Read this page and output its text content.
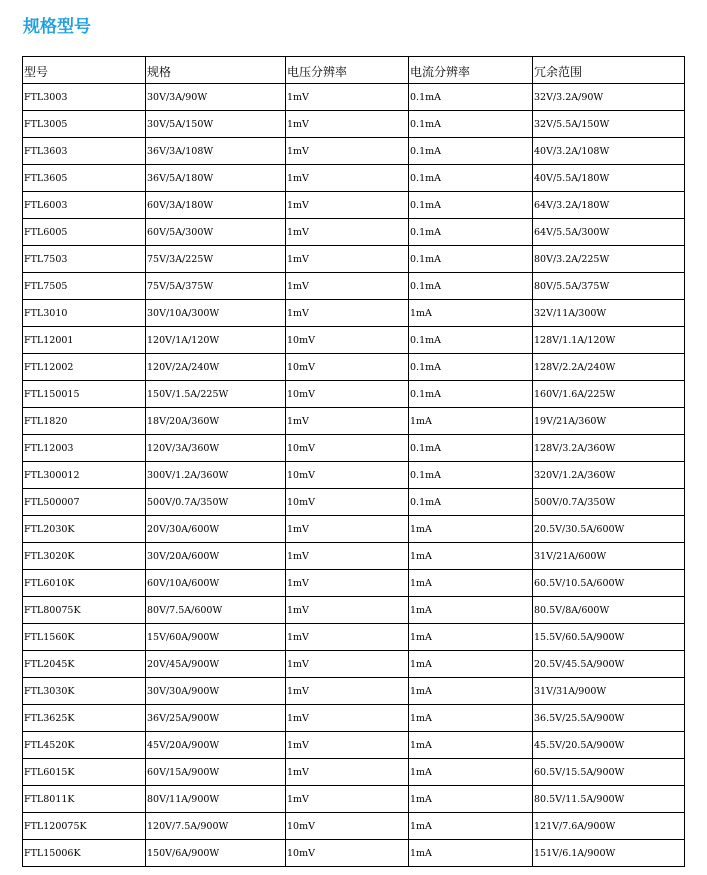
规格型号
型号	规格	电压分辨率	电流分辨率	冗余范围
FTL3003	30V/3A/90W	1mV	0.1mA	32V/3.2A/90W
FTL3005	30V/5A/150W	1mV	0.1mA	32V/5.5A/150W
FTL3603	36V/3A/108W	1mV	0.1mA	40V/3.2A/108W
FTL3605	36V/5A/180W	1mV	0.1mA	40V/5.5A/180W
FTL6003	60V/3A/180W	1mV	0.1mA	64V/3.2A/180W
FTL6005	60V/5A/300W	1mV	0.1mA	64V/5.5A/300W
FTL7503	75V/3A/225W	1mV	0.1mA	80V/3.2A/225W
FTL7505	75V/5A/375W	1mV	0.1mA	80V/5.5A/375W
FTL3010	30V/10A/300W	1mV	1mA	32V/11A/300W
FTL12001	120V/1A/120W	10mV	0.1mA	128V/1.1A/120W
FTL12002	120V/2A/240W	10mV	0.1mA	128V/2.2A/240W
FTL150015	150V/1.5A/225W	10mV	0.1mA	160V/1.6A/225W
FTL1820	18V/20A/360W	1mV	1mA	19V/21A/360W
FTL12003	120V/3A/360W	10mV	0.1mA	128V/3.2A/360W
FTL300012	300V/1.2A/360W	10mV	0.1mA	320V/1.2A/360W
FTL500007	500V/0.7A/350W	10mV	0.1mA	500V/0.7A/350W
FTL2030K	20V/30A/600W	1mV	1mA	20.5V/30.5A/600W
FTL3020K	30V/20A/600W	1mV	1mA	31V/21A/600W
FTL6010K	60V/10A/600W	1mV	1mA	60.5V/10.5A/600W
FTL80075K	80V/7.5A/600W	1mV	1mA	80.5V/8A/600W
FTL1560K	15V/60A/900W	1mV	1mA	15.5V/60.5A/900W
FTL2045K	20V/45A/900W	1mV	1mA	20.5V/45.5A/900W
FTL3030K	30V/30A/900W	1mV	1mA	31V/31A/900W
FTL3625K	36V/25A/900W	1mV	1mA	36.5V/25.5A/900W
FTL4520K	45V/20A/900W	1mV	1mA	45.5V/20.5A/900W
FTL6015K	60V/15A/900W	1mV	1mA	60.5V/15.5A/900W
FTL8011K	80V/11A/900W	1mV	1mA	80.5V/11.5A/900W
FTL120075K	120V/7.5A/900W	10mV	1mA	121V/7.6A/900W
FTL15006K	150V/6A/900W	10mV	1mA	151V/6.1A/900W
